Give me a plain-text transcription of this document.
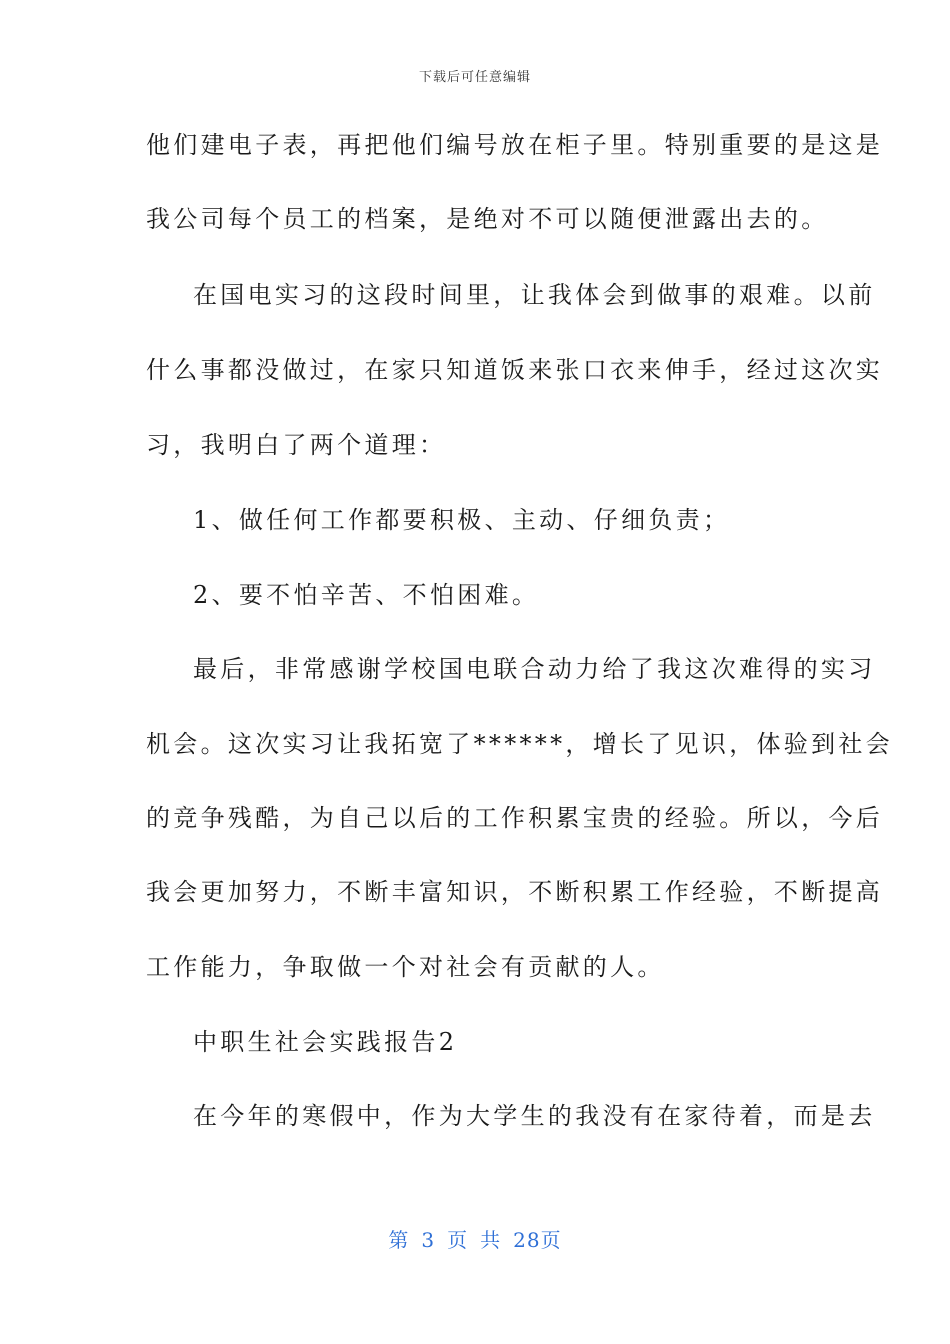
下载后可任意编辑
他们建电子表，再把他们编号放在柜子里。特别重要的是这是
我公司每个员工的档案，是绝对不可以随便泄露出去的。
在国电实习的这段时间里，让我体会到做事的艰难。以前
什么事都没做过，在家只知道饭来张口衣来伸手，经过这次实
习，我明白了两个道理：
1、做任何工作都要积极、主动、仔细负责；
2、要不怕辛苦、不怕困难。
最后，非常感谢学校国电联合动力给了我这次难得的实习
机会。这次实习让我拓宽了******，增长了见识，体验到社会
的竞争残酷，为自己以后的工作积累宝贵的经验。所以，今后
我会更加努力，不断丰富知识，不断积累工作经验，不断提高
工作能力，争取做一个对社会有贡献的人。
中职生社会实践报告2
在今年的寒假中，作为大学生的我没有在家待着，而是去
第 3 页 共 28页
